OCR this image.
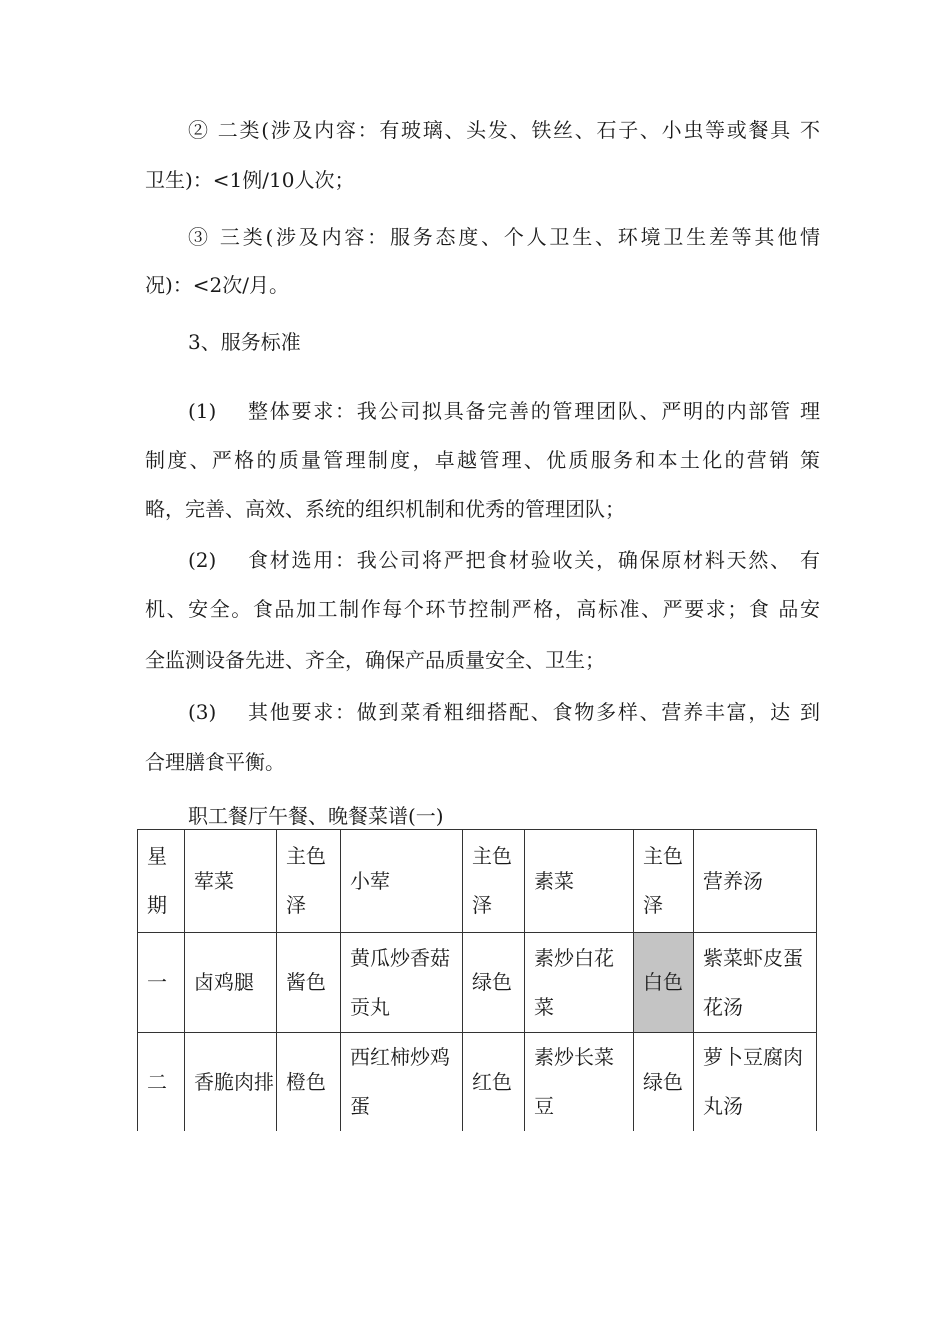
② 二类(涉及内容：有玻璃、头发、铁丝、石子、小虫等或餐具 不
卫生)：<1例/10人次；
③ 三类(涉及内容：服务态度、个人卫生、环境卫生差等其他情
况)：<2次/月。
3、服务标准
(1)　 整体要求：我公司拟具备完善的管理团队、严明的内部管 理
制度、严格的质量管理制度，卓越管理、优质服务和本土化的营销 策
略，完善、高效、系统的组织机制和优秀的管理团队；
(2)　 食材选用：我公司将严把食材验收关，确保原材料天然、 有
机、安全。食品加工制作每个环节控制严格，高标准、严要求；食 品安
全监测设备先进、齐全，确保产品质量安全、卫生；
(3)　 其他要求：做到菜肴粗细搭配、食物多样、营养丰富，达 到
合理膳食平衡。
职工餐厅午餐、晚餐菜谱(一)
星期	荤菜	主色泽	小荤	主色泽	素菜	主色泽	营养汤
一	卤鸡腿	酱色	黄瓜炒香菇贡丸	绿色	素炒白花菜	白色	紫菜虾皮蛋花汤
二	香脆肉排	橙色	西红柿炒鸡蛋	红色	素炒长菜豆	绿色	萝卜豆腐肉丸汤
